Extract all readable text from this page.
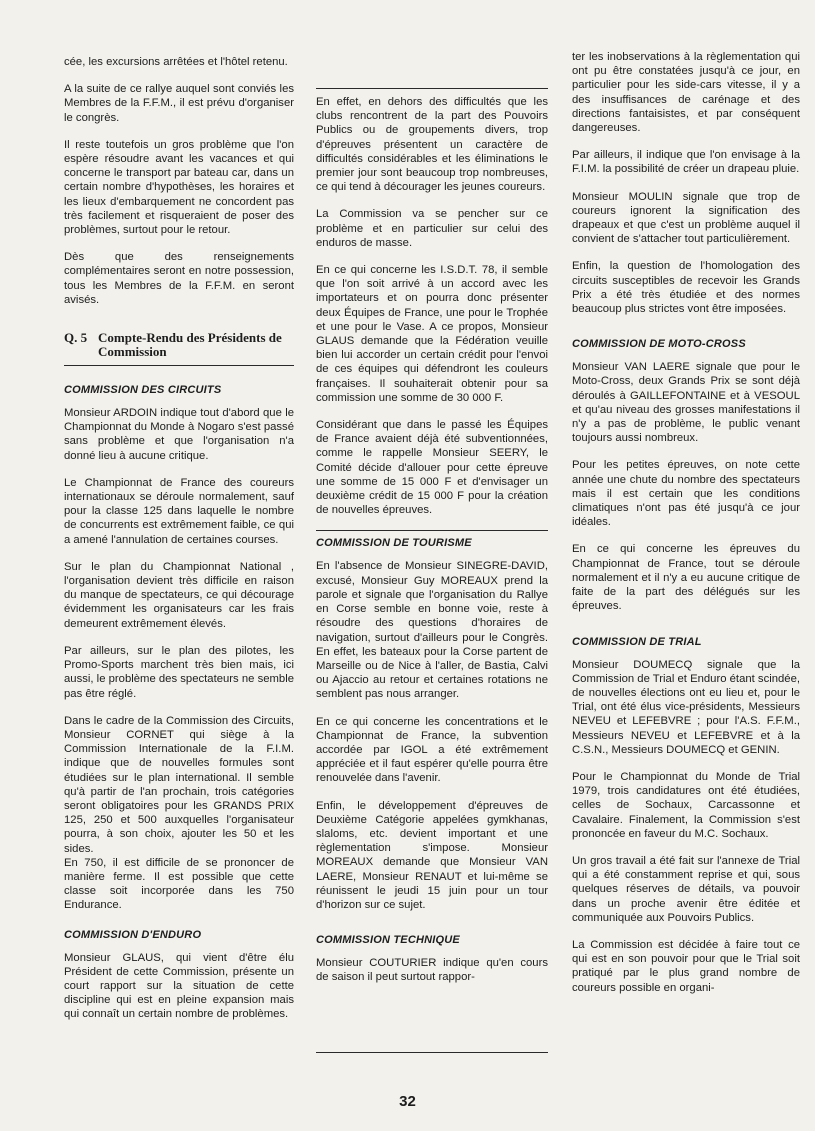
cée, les excursions arrêtées et l'hôtel retenu.

A la suite de ce rallye auquel sont conviés les Membres de la F.F.M., il est prévu d'organiser le congrès.

Il reste toutefois un gros problème que l'on espère résoudre avant les vacances et qui concerne le transport par bateau car, dans un certain nombre d'hypothèses, les horaires et les lieux d'embarquement ne concordent pas très facilement et risqueraient de poser des problèmes, surtout pour le retour.

Dès que des renseignements complémentaires seront en notre possession, tous les Membres de la F.F.M. en seront avisés.

Q. 5 Compte-Rendu des Présidents de Commission
COMMISSION DES CIRCUITS

Monsieur ARDOIN indique tout d'abord que le Championnat du Monde à Nogaro s'est passé sans problème et que l'organisation n'a donné lieu à aucune critique.

Le Championnat de France des coureurs internationaux se déroule normalement, sauf pour la classe 125 dans laquelle le nombre de concurrents est extrêmement faible, ce qui a amené l'annulation de certaines courses.

Sur le plan du Championnat National , l'organisation devient très difficile en raison du manque de spectateurs, ce qui décourage évidemment les organisateurs car les frais demeurent extrêmement élevés.

Par ailleurs, sur le plan des pilotes, les Promo-Sports marchent très bien mais, ici aussi, le problème des spectateurs ne semble pas être réglé.

Dans le cadre de la Commission des Circuits, Monsieur CORNET qui siège à la Commission Internationale de la F.I.M. indique que de nouvelles formules sont étudiées sur le plan international. Il semble qu'à partir de l'an prochain, trois catégories seront obligatoires pour les GRANDS PRIX 125, 250 et 500 auxquelles l'organisateur pourra, à son choix, ajouter les 50 et les sides.

En 750, il est difficile de se prononcer de manière ferme. Il est possible que cette classe soit incorporée dans les 750 Endurance.

COMMISSION D'ENDURO

Monsieur GLAUS, qui vient d'être élu Président de cette Commission, présente un court rapport sur la situation de cette discipline qui est en pleine expansion mais qui connaît un certain nombre de problèmes.

En effet, en dehors des difficultés que les clubs rencontrent de la part des Pouvoirs Publics ou de groupements divers, trop d'épreuves présentent un caractère de difficultés considérables et les éliminations le premier jour sont beaucoup trop nombreuses, ce qui tend à décourager les jeunes coureurs.

La Commission va se pencher sur ce problème et en particulier sur celui des enduros de masse.

En ce qui concerne les I.S.D.T. 78, il semble que l'on soit arrivé à un accord avec les importateurs et on pourra donc présenter deux Équipes de France, une pour le Trophée et une pour le Vase. A ce propos, Monsieur GLAUS demande que la Fédération veuille bien lui accorder un certain crédit pour l'envoi de ces équipes qui défendront les couleurs françaises. Il souhaiterait obtenir pour sa commission une somme de 30 000 F.

Considérant que dans le passé les Équipes de France avaient déjà été subventionnées, comme le rappelle Monsieur SEERY, le Comité décide d'allouer pour cette épreuve une somme de 15 000 F et d'envisager un deuxième crédit de 15 000 F pour la création de nouvelles épreuves.

COMMISSION DE TOURISME

En l'absence de Monsieur SINEGRE-DAVID, excusé, Monsieur Guy MOREAUX prend la parole et signale que l'organisation du Rallye en Corse semble en bonne voie, reste à résoudre des questions d'horaires de navigation, surtout d'ailleurs pour le Congrès. En effet, les bateaux pour la Corse partent de Marseille ou de Nice à l'aller, de Bastia, Calvi ou Ajaccio au retour et certaines rotations ne semblent pas nous arranger.

En ce qui concerne les concentrations et le Championnat de France, la subvention accordée par IGOL a été extrêmement appréciée et il faut espérer qu'elle pourra être renouvelée dans l'avenir.

Enfin, le développement d'épreuves de Deuxième Catégorie appelées gymkhanas, slaloms, etc. devient important et une règlementation s'impose. Monsieur MOREAUX demande que Monsieur VAN LAERE, Monsieur RENAUT et lui-même se réunissent le jeudi 15 juin pour un tour d'horizon sur ce sujet.

COMMISSION TECHNIQUE

Monsieur COUTURIER indique qu'en cours de saison il peut surtout rappor-

ter les inobservations à la règlementation qui ont pu être constatées jusqu'à ce jour, en particulier pour les side-cars vitesse, il y a des insuffisances de carénage et des directions fantaisistes, et par conséquent dangereuses.

Par ailleurs, il indique que l'on envisage à la F.I.M. la possibilité de créer un drapeau pluie.

Monsieur MOULIN signale que trop de coureurs ignorent la signification des drapeaux et que c'est un problème auquel il convient de s'attacher tout particulièrement.

Enfin, la question de l'homologation des circuits susceptibles de recevoir les Grands Prix a été très étudiée et des normes beaucoup plus strictes vont être imposées.

COMMISSION DE MOTO-CROSS

Monsieur VAN LAERE signale que pour le Moto-Cross, deux Grands Prix se sont déjà déroulés à GAILLEFONTAINE et à VESOUL et qu'au niveau des grosses manifestations il n'y a pas de problème, le public venant toujours aussi nombreux.

Pour les petites épreuves, on note cette année une chute du nombre des spectateurs mais il est certain que les conditions climatiques n'ont pas été jusqu'à ce jour idéales.

En ce qui concerne les épreuves du Championnat de France, tout se déroule normalement et il n'y a eu aucune critique de faite de la part des délégués sur les épreuves.

COMMISSION DE TRIAL

Monsieur DOUMECQ signale que la Commission de Trial et Enduro étant scindée, de nouvelles élections ont eu lieu et, pour le Trial, ont été élus vice-présidents, Messieurs NEVEU et LEFEBVRE ; pour l'A.S. F.F.M., Messieurs NEVEU et LEFEBVRE et à la C.S.N., Messieurs DOUMECQ et GENIN.

Pour le Championnat du Monde de Trial 1979, trois candidatures ont été étudiées, celles de Sochaux, Carcassonne et Cavalaire. Finalement, la Commission s'est prononcée en faveur du M.C. Sochaux.

Un gros travail a été fait sur l'annexe de Trial qui a été constamment reprise et qui, sous quelques réserves de détails, va pouvoir dans un proche avenir être éditée et communiquée aux Pouvoirs Publics.

La Commission est décidée à faire tout ce qui est en son pouvoir pour que le Trial soit pratiqué par le plus grand nombre de coureurs possible en organi-

32
